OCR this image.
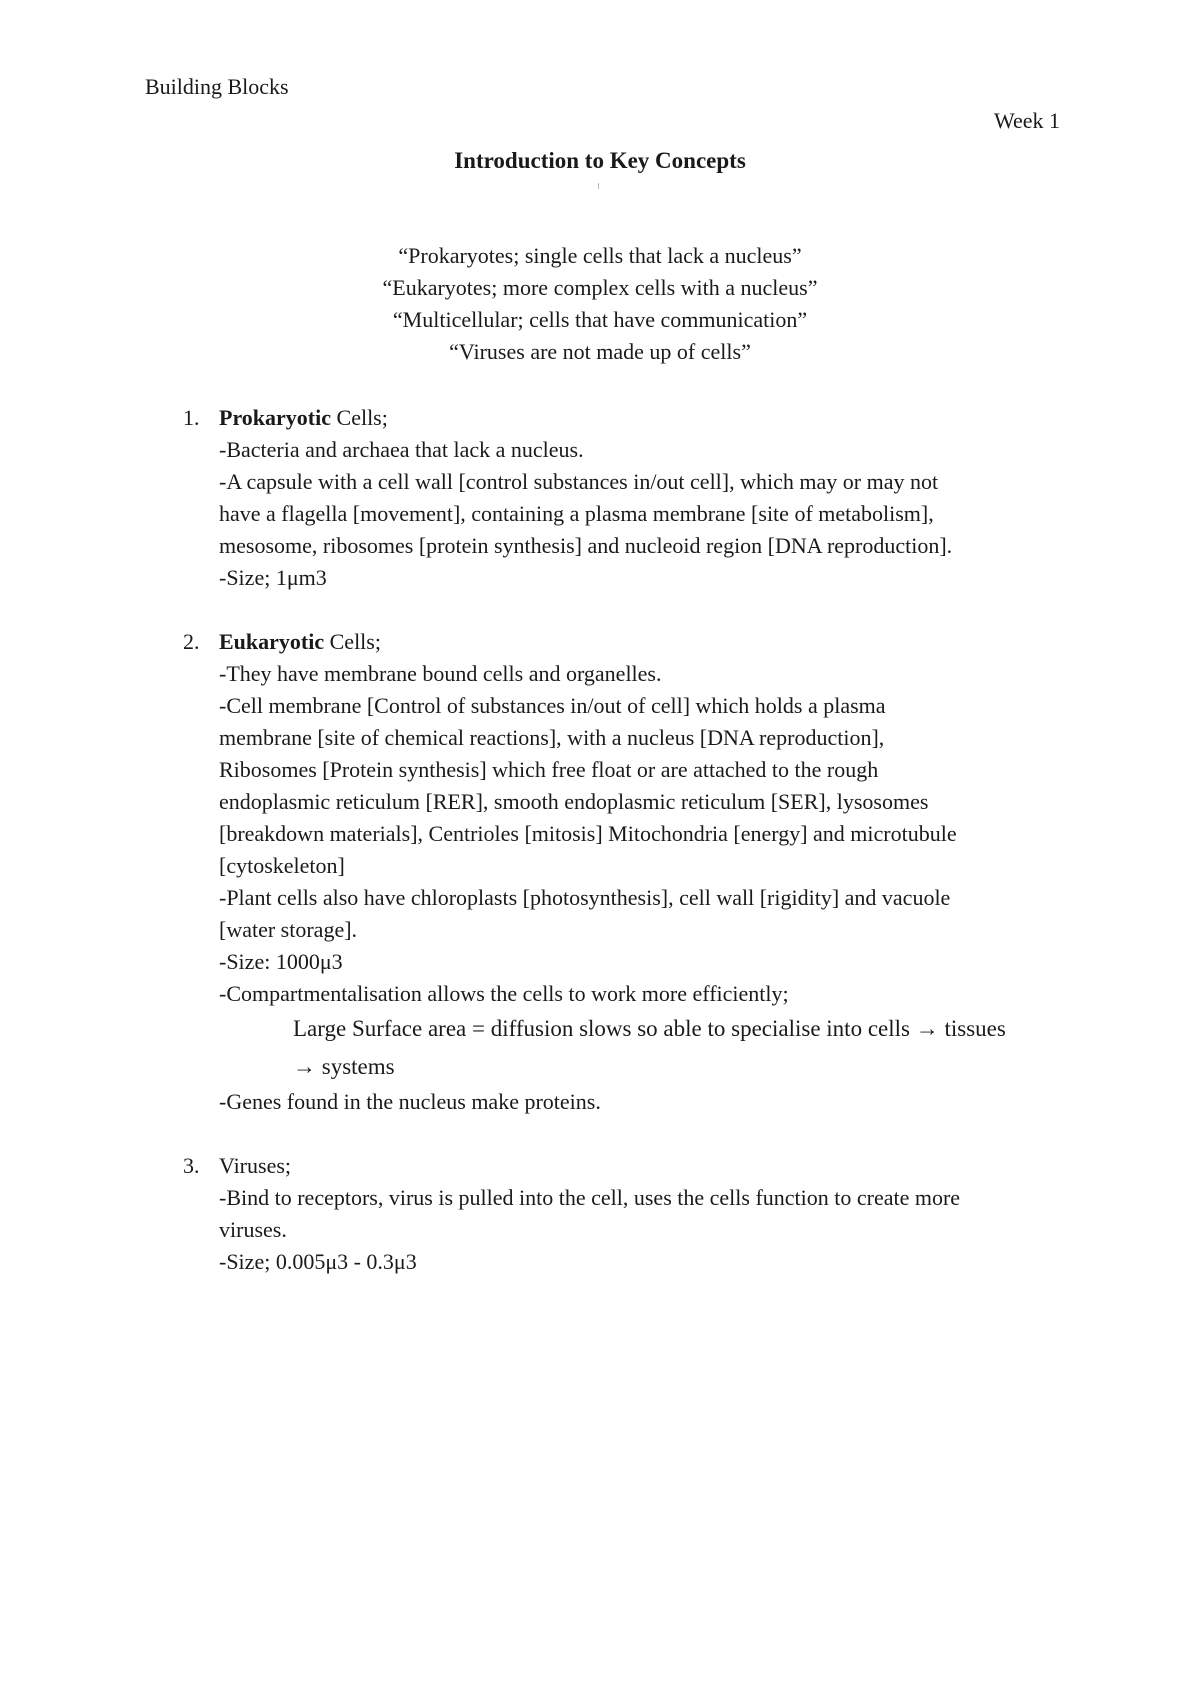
Building Blocks
Week 1
Introduction to Key Concepts
“Prokaryotes; single cells that lack a nucleus”
“Eukaryotes; more complex cells with a nucleus”
“Multicellular; cells that have communication”
“Viruses are not made up of cells”
1. Prokaryotic Cells;
-Bacteria and archaea that lack a nucleus.
-A capsule with a cell wall [control substances in/out cell], which may or may not
have a flagella [movement], containing a plasma membrane [site of metabolism],
mesosome, ribosomes [protein synthesis] and nucleoid region [DNA reproduction].
-Size; 1μm3
2. Eukaryotic Cells;
-They have membrane bound cells and organelles.
-Cell membrane [Control of substances in/out of cell] which holds a plasma
membrane [site of chemical reactions], with a nucleus [DNA reproduction],
Ribosomes [Protein synthesis] which free float or are attached to the rough
endoplasmic reticulum [RER], smooth endoplasmic reticulum [SER], lysosomes
[breakdown materials], Centrioles [mitosis] Mitochondria [energy] and microtubule
[cytoskeleton]
-Plant cells also have chloroplasts [photosynthesis], cell wall [rigidity] and vacuole
[water storage].
-Size: 1000μ3
-Compartmentalisation allows the cells to work more efficiently;
Large Surface area = diffusion slows so able to specialise into cells → tissues
→ systems
-Genes found in the nucleus make proteins.
3. Viruses;
-Bind to receptors, virus is pulled into the cell, uses the cells function to create more
viruses.
-Size; 0.005μ3 - 0.3μ3
